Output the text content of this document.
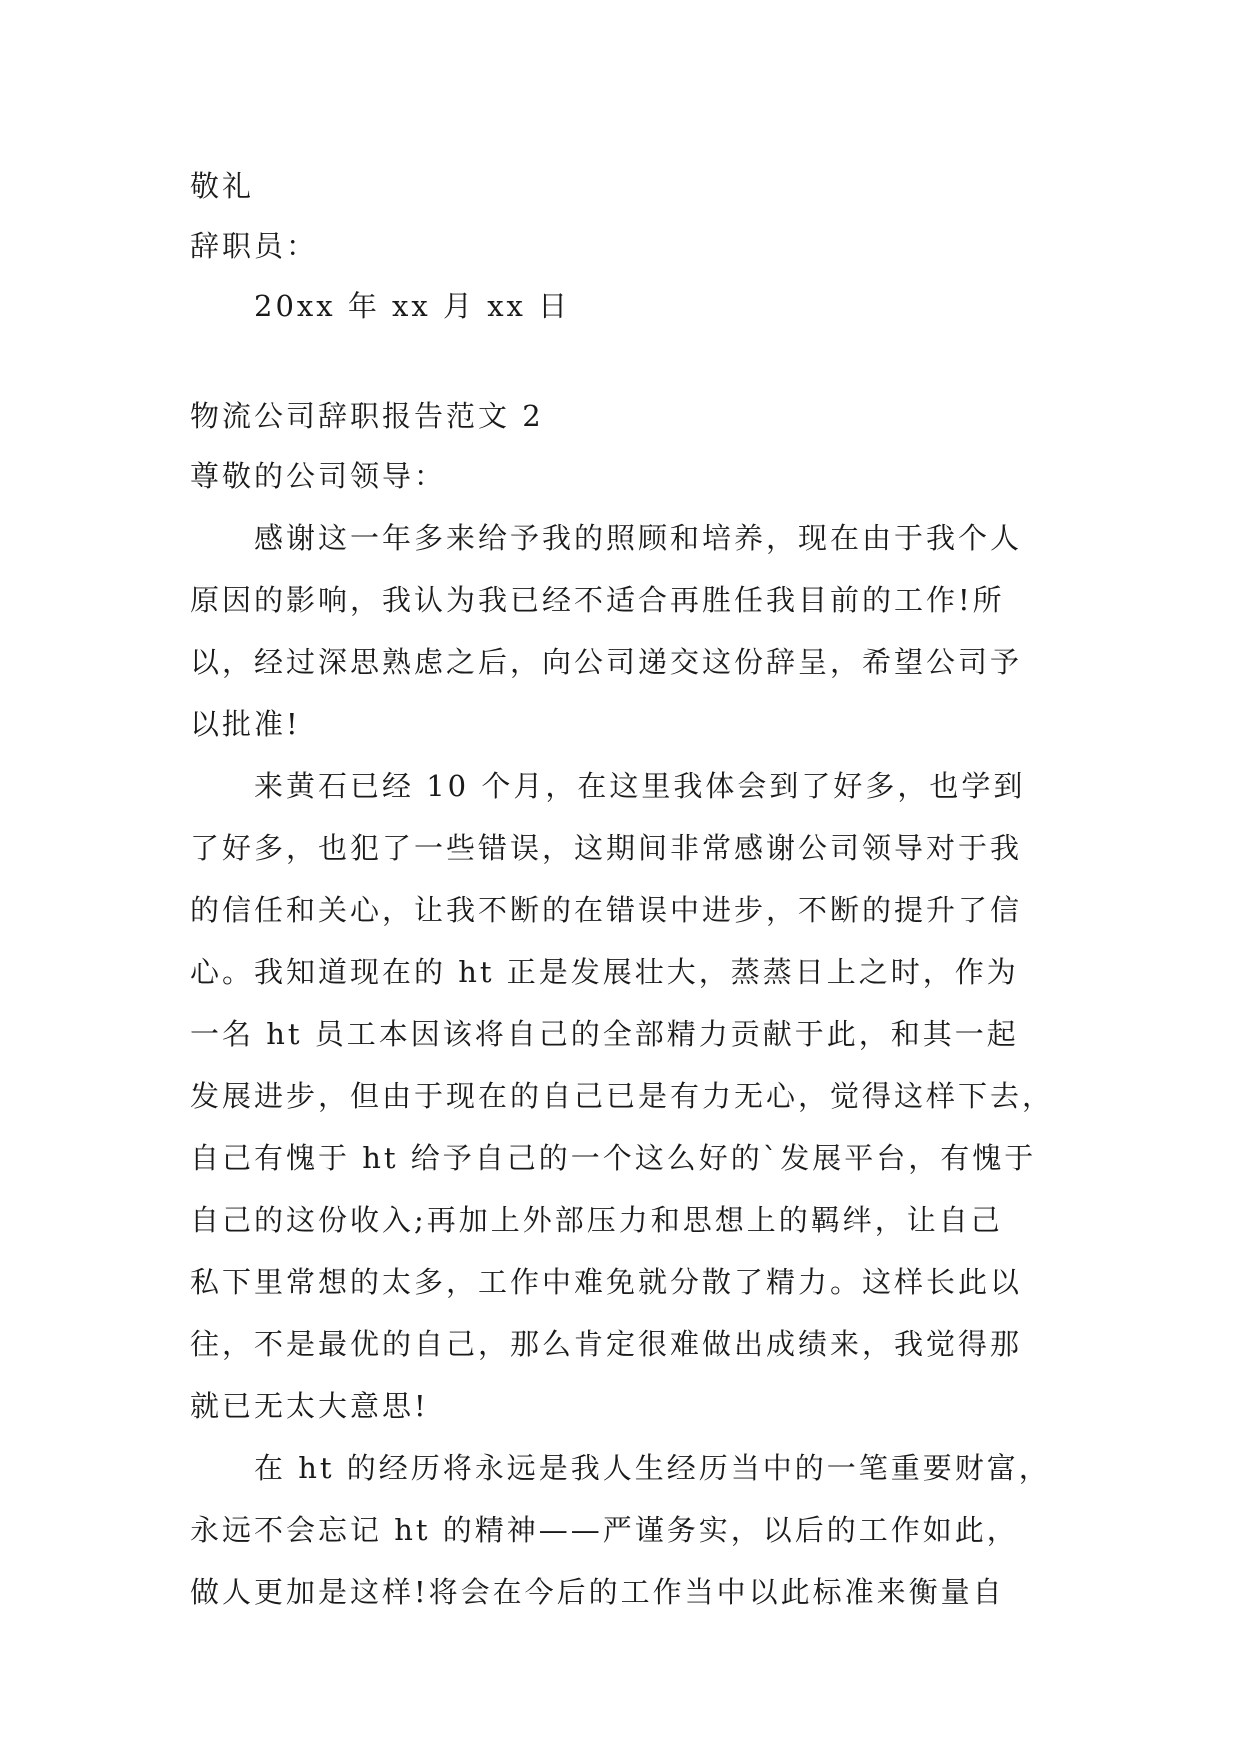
敬礼
辞职员：
20xx 年 xx 月 xx 日
物流公司辞职报告范文 2
尊敬的公司领导：
感谢这一年多来给予我的照顾和培养，现在由于我个人
原因的影响，我认为我已经不适合再胜任我目前的工作!所
以，经过深思熟虑之后，向公司递交这份辞呈，希望公司予
以批准!
来黄石已经 10 个月，在这里我体会到了好多，也学到
了好多，也犯了一些错误，这期间非常感谢公司领导对于我
的信任和关心，让我不断的在错误中进步，不断的提升了信
心。我知道现在的 ht 正是发展壮大，蒸蒸日上之时，作为
一名 ht 员工本因该将自己的全部精力贡献于此，和其一起
发展进步，但由于现在的自己已是有力无心，觉得这样下去，
自己有愧于 ht 给予自己的一个这么好的`发展平台，有愧于
自己的这份收入;再加上外部压力和思想上的羁绊，让自己
私下里常想的太多，工作中难免就分散了精力。这样长此以
往，不是最优的自己，那么肯定很难做出成绩来，我觉得那
就已无太大意思!
在 ht 的经历将永远是我人生经历当中的一笔重要财富，
永远不会忘记 ht 的精神——严谨务实，以后的工作如此，
做人更加是这样!将会在今后的工作当中以此标准来衡量自
